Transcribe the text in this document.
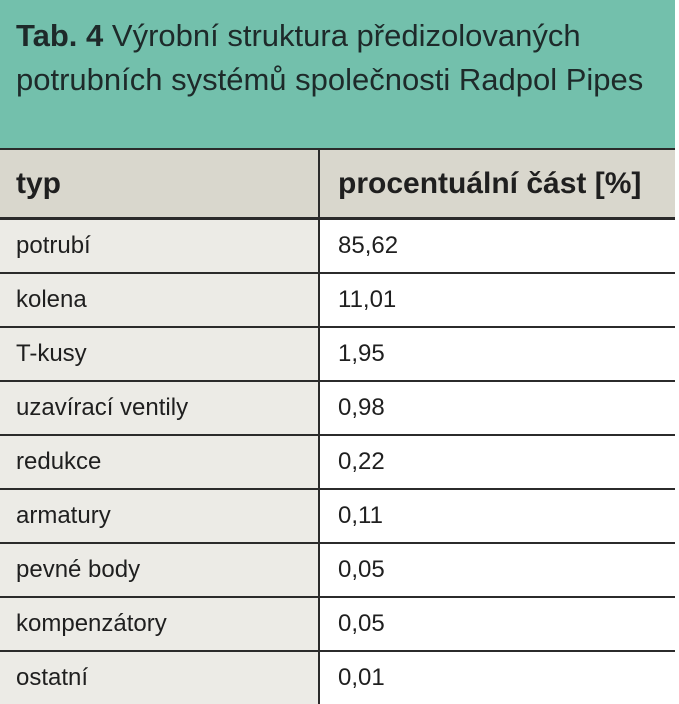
Tab. 4 Výrobní struktura předizolovaných potrubních systémů společnosti Radpol Pipes
typ	procentuální část [%]
potrubí	85,62
kolena	11,01
T-kusy	1,95
uzavírací ventily	0,98
redukce	0,22
armatury	0,11
pevné body	0,05
kompenzátory	0,05
ostatní	0,01
